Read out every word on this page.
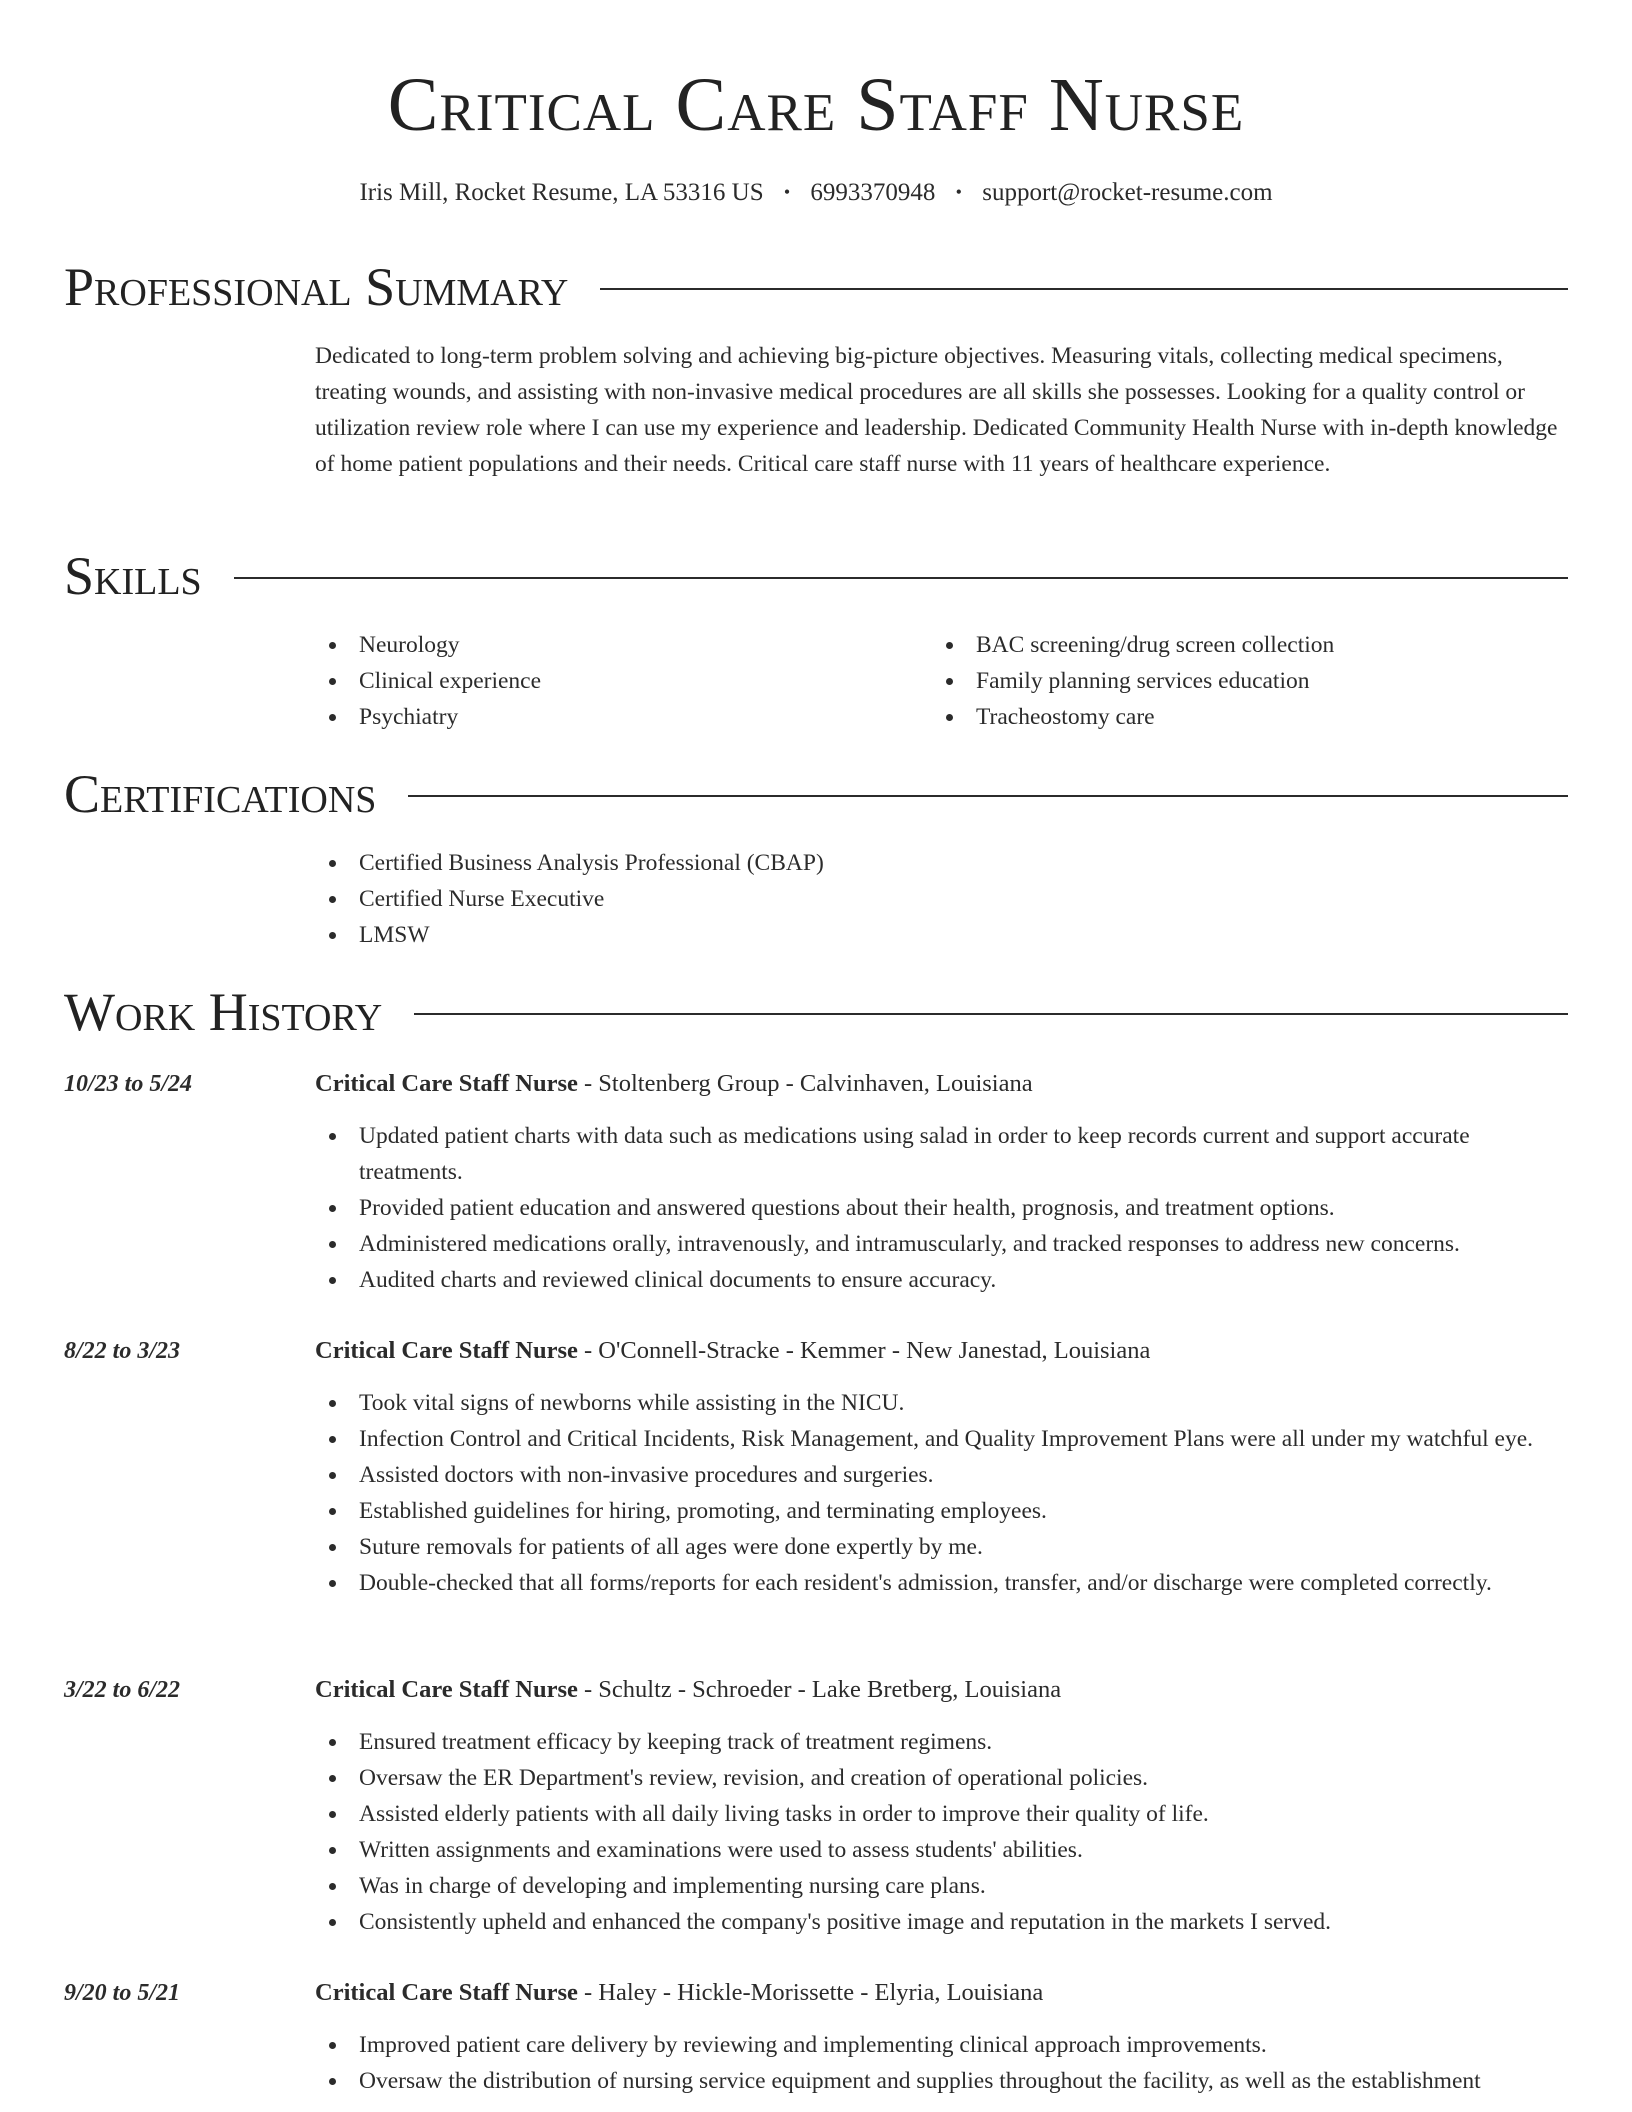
Critical Care Staff Nurse
Iris Mill, Rocket Resume, LA 53316 US • 6993370948 • support@rocket-resume.com
Professional Summary
Dedicated to long-term problem solving and achieving big-picture objectives. Measuring vitals, collecting medical specimens, treating wounds, and assisting with non-invasive medical procedures are all skills she possesses. Looking for a quality control or utilization review role where I can use my experience and leadership. Dedicated Community Health Nurse with in-depth knowledge of home patient populations and their needs. Critical care staff nurse with 11 years of healthcare experience.
Skills
Neurology
Clinical experience
Psychiatry
BAC screening/drug screen collection
Family planning services education
Tracheostomy care
Certifications
Certified Business Analysis Professional (CBAP)
Certified Nurse Executive
LMSW
Work History
10/23 to 5/24	Critical Care Staff Nurse - Stoltenberg Group - Calvinhaven, Louisiana
Updated patient charts with data such as medications using salad in order to keep records current and support accurate treatments.
Provided patient education and answered questions about their health, prognosis, and treatment options.
Administered medications orally, intravenously, and intramuscularly, and tracked responses to address new concerns.
Audited charts and reviewed clinical documents to ensure accuracy.
8/22 to 3/23	Critical Care Staff Nurse - O'Connell-Stracke - Kemmer - New Janestad, Louisiana
Took vital signs of newborns while assisting in the NICU.
Infection Control and Critical Incidents, Risk Management, and Quality Improvement Plans were all under my watchful eye.
Assisted doctors with non-invasive procedures and surgeries.
Established guidelines for hiring, promoting, and terminating employees.
Suture removals for patients of all ages were done expertly by me.
Double-checked that all forms/reports for each resident's admission, transfer, and/or discharge were completed correctly.
3/22 to 6/22	Critical Care Staff Nurse - Schultz - Schroeder - Lake Bretberg, Louisiana
Ensured treatment efficacy by keeping track of treatment regimens.
Oversaw the ER Department's review, revision, and creation of operational policies.
Assisted elderly patients with all daily living tasks in order to improve their quality of life.
Written assignments and examinations were used to assess students' abilities.
Was in charge of developing and implementing nursing care plans.
Consistently upheld and enhanced the company's positive image and reputation in the markets I served.
9/20 to 5/21	Critical Care Staff Nurse - Haley - Hickle-Morissette - Elyria, Louisiana
Improved patient care delivery by reviewing and implementing clinical approach improvements.
Oversaw the distribution of nursing service equipment and supplies throughout the facility, as well as the establishment
